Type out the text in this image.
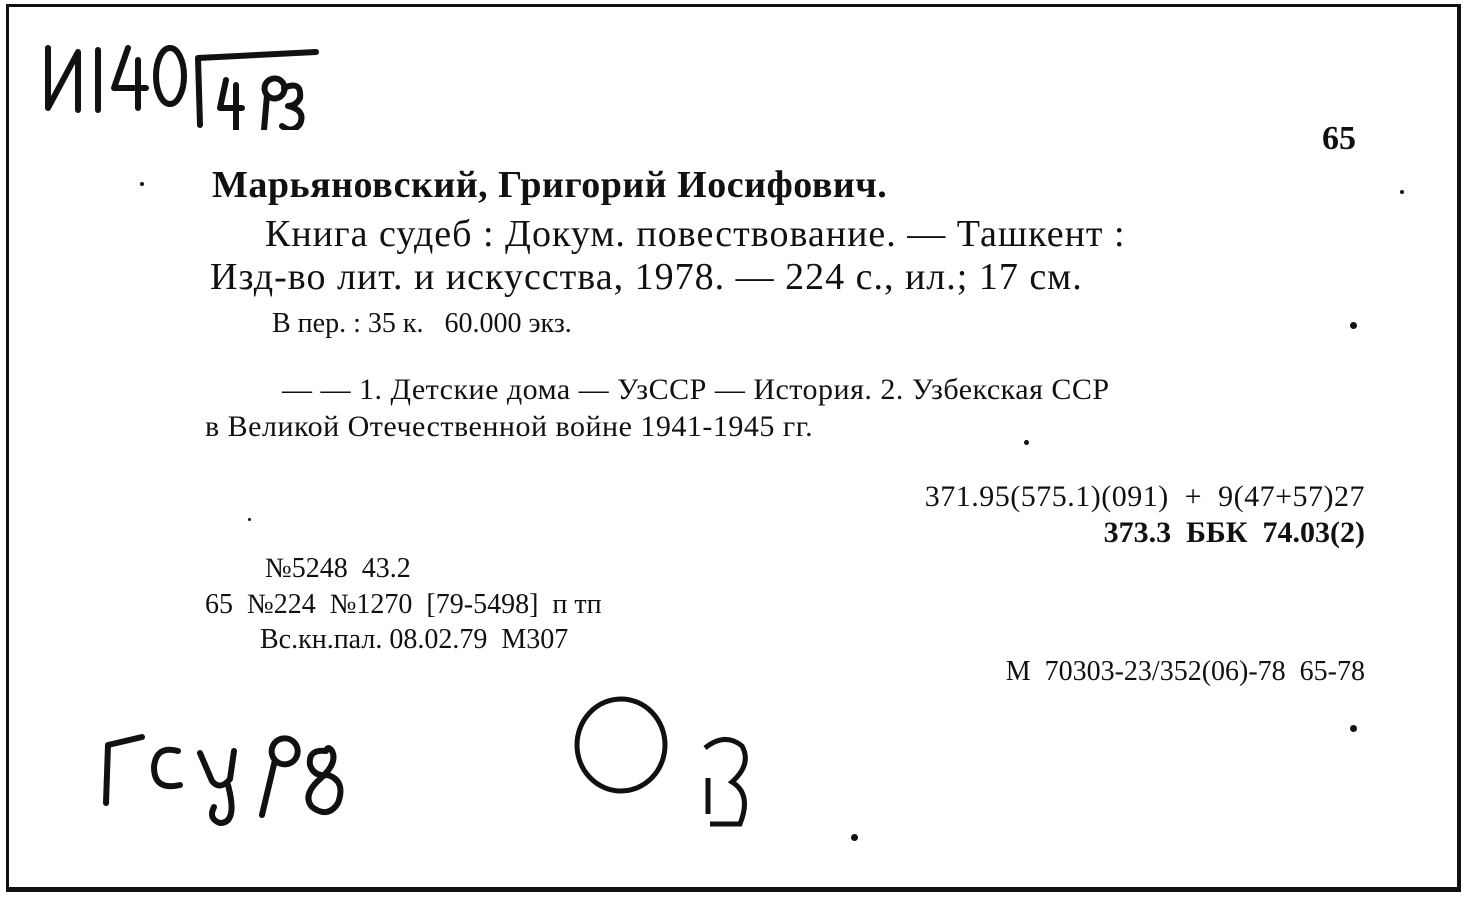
65
Марьяновский, Григорий Иосифович.
Книга судеб : Докум. повествование. — Ташкент :
Изд-во лит. и искусства, 1978. — 224 с., ил.; 17 см.
В пер. : 35 к.   60.000 экз.
— — 1. Детские дома — УзССР — История. 2. Узбекская ССР
в Великой Отечественной войне 1941-1945 гг.
371.95(575.1)(091)  +  9(47+57)27
373.3  ББК  74.03(2)
№5248  43.2
65  №224  №1270  [79-5498]  п тп
Вс.кн.пал. 08.02.79  М307
М  70303-23/352(06)-78  65-78
